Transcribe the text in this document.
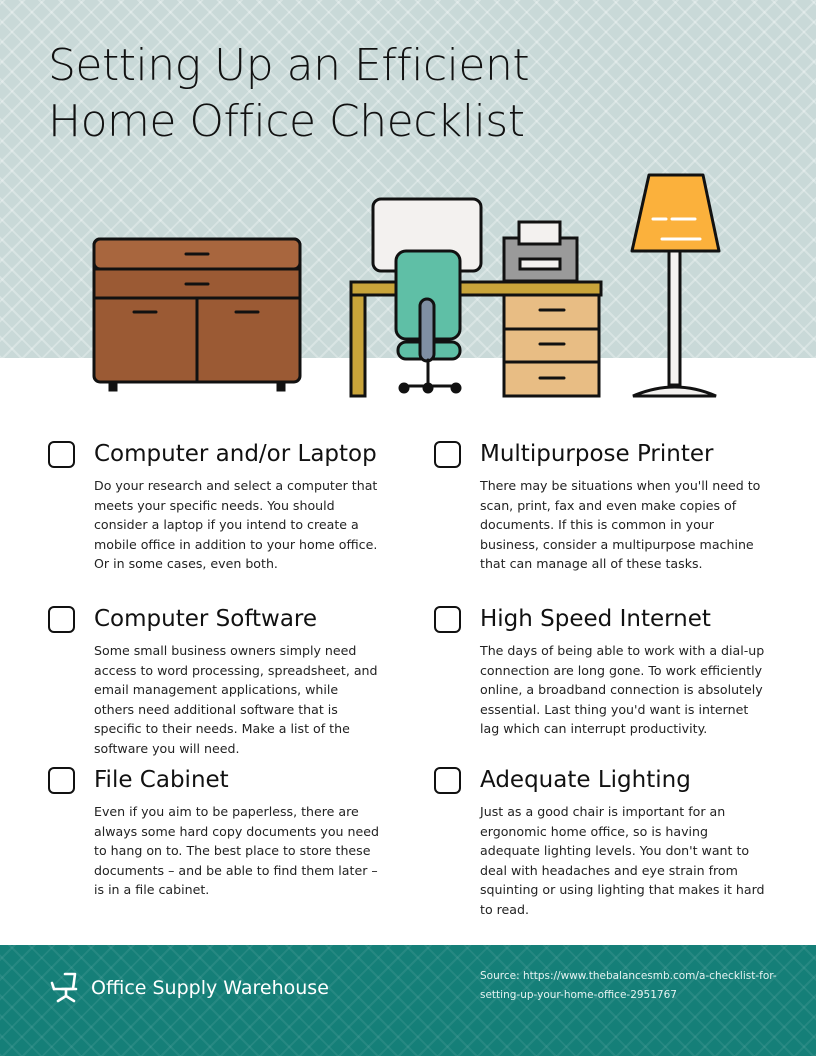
Setting Up an Efficient
Home Office Checklist
Computer and/or Laptop

Do your research and select a computer that meets your specific needs. You should consider a laptop if you intend to create a mobile office in addition to your home office. Or in some cases, even both.

Multipurpose Printer

There may be situations when you'll need to scan, print, fax and even make copies of documents. If this is common in your business, consider a multipurpose machine that can manage all of these tasks.

Computer Software

Some small business owners simply need access to word processing, spreadsheet, and email management applications, while others need additional software that is specific to their needs. Make a list of the software you will need.

High Speed Internet

The days of being able to work with a dial-up connection are long gone. To work efficiently online, a broadband connection is absolutely essential. Last thing you'd want is internet lag which can interrupt productivity.

File Cabinet

Even if you aim to be paperless, there are always some hard copy documents you need to hang on to. The best place to store these documents – and be able to find them later – is in a file cabinet.

Adequate Lighting

Just as a good chair is important for an ergonomic home office, so is having adequate lighting levels. You don't want to deal with headaches and eye strain from squinting or using lighting that makes it hard to read.

Office Supply Warehouse
Source: https://www.thebalancesmb.com/a-checklist-for-setting-up-your-home-office-2951767
